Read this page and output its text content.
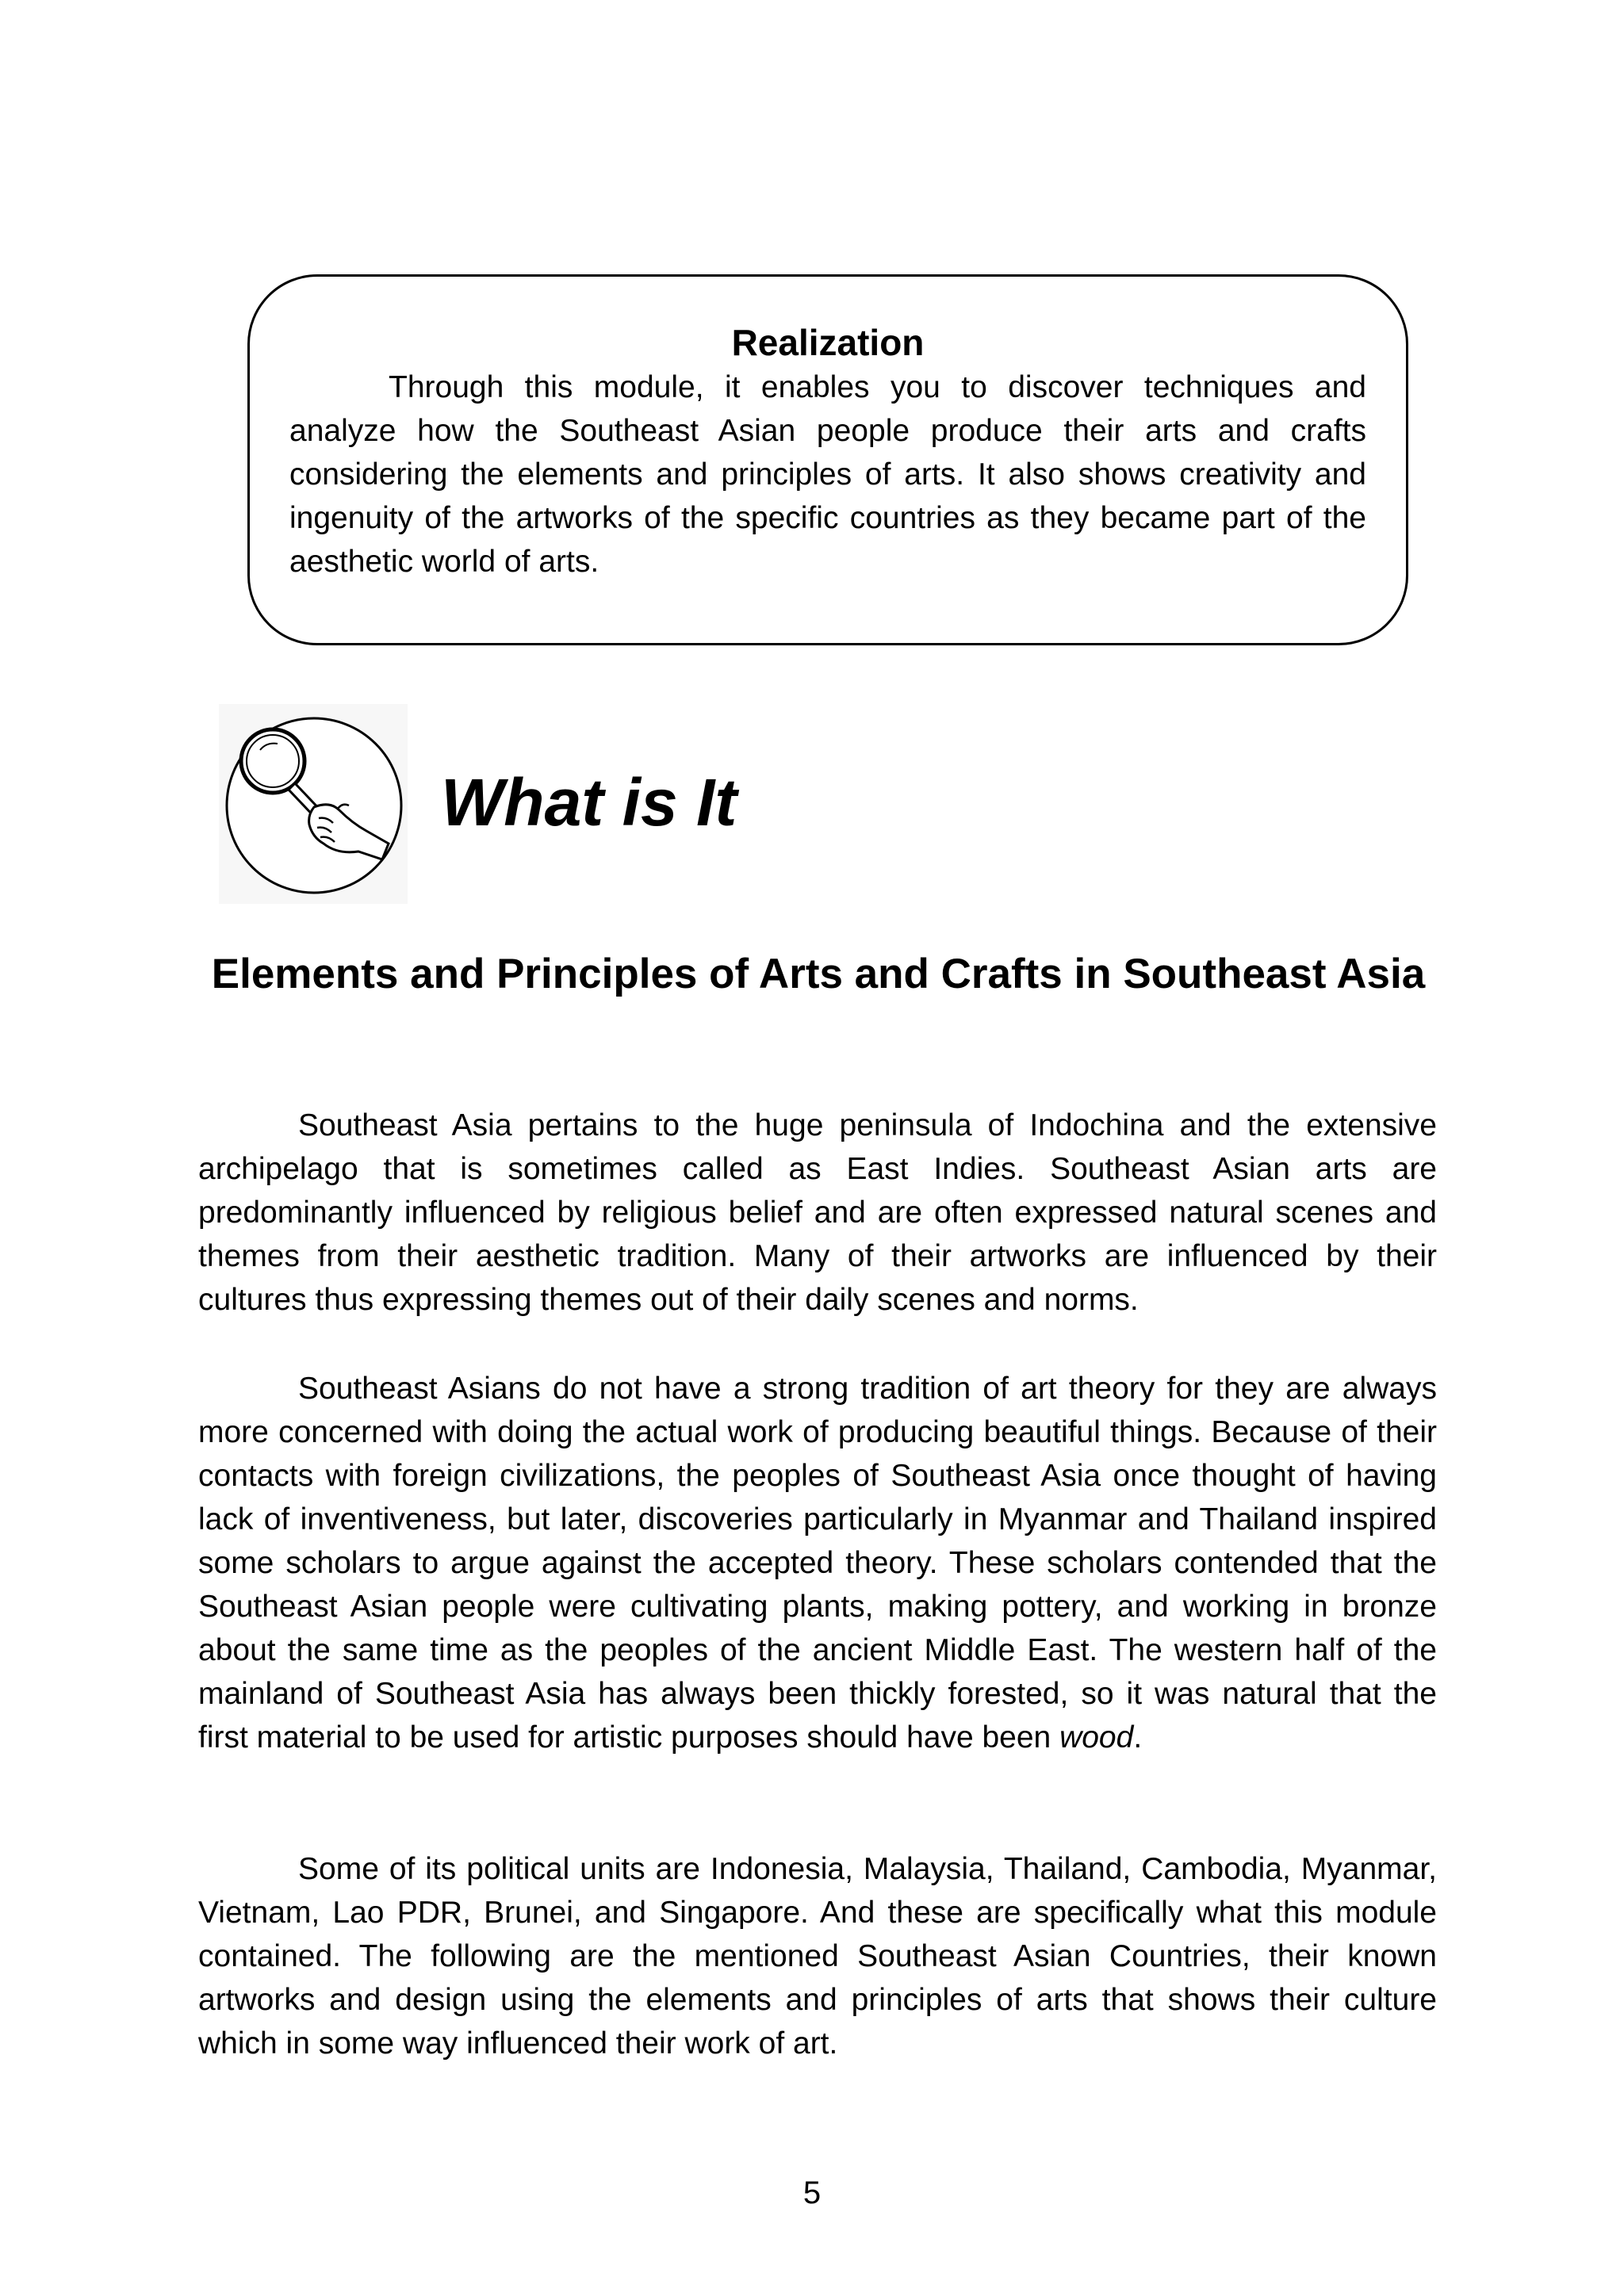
Realization

Through this module, it enables you to discover techniques and analyze how the Southeast Asian people produce their arts and crafts considering the elements and principles of arts. It also shows creativity and ingenuity of the artworks of the specific countries as they became part of the aesthetic world of arts.

What is It
Elements and Principles of Arts and Crafts in Southeast Asia

Southeast Asia pertains to the huge peninsula of Indochina and the extensive archipelago that is sometimes called as East Indies. Southeast Asian arts are predominantly influenced by religious belief and are often expressed natural scenes and themes from their aesthetic tradition. Many of their artworks are influenced by their cultures thus expressing themes out of their daily scenes and norms.

Southeast Asians do not have a strong tradition of art theory for they are always more concerned with doing the actual work of producing beautiful things. Because of their contacts with foreign civilizations, the peoples of Southeast Asia once thought of having lack of inventiveness, but later, discoveries particularly in Myanmar and Thailand inspired some scholars to argue against the accepted theory. These scholars contended that the Southeast Asian people were cultivating plants, making pottery, and working in bronze about the same time as the peoples of the ancient Middle East. The western half of the mainland of Southeast Asia has always been thickly forested, so it was natural that the first material to be used for artistic purposes should have been wood.

Some of its political units are Indonesia, Malaysia, Thailand, Cambodia, Myanmar, Vietnam, Lao PDR, Brunei, and Singapore. And these are specifically what this module contained. The following are the mentioned Southeast Asian Countries, their known artworks and design using the elements and principles of arts that shows their culture which in some way influenced their work of art.

5
